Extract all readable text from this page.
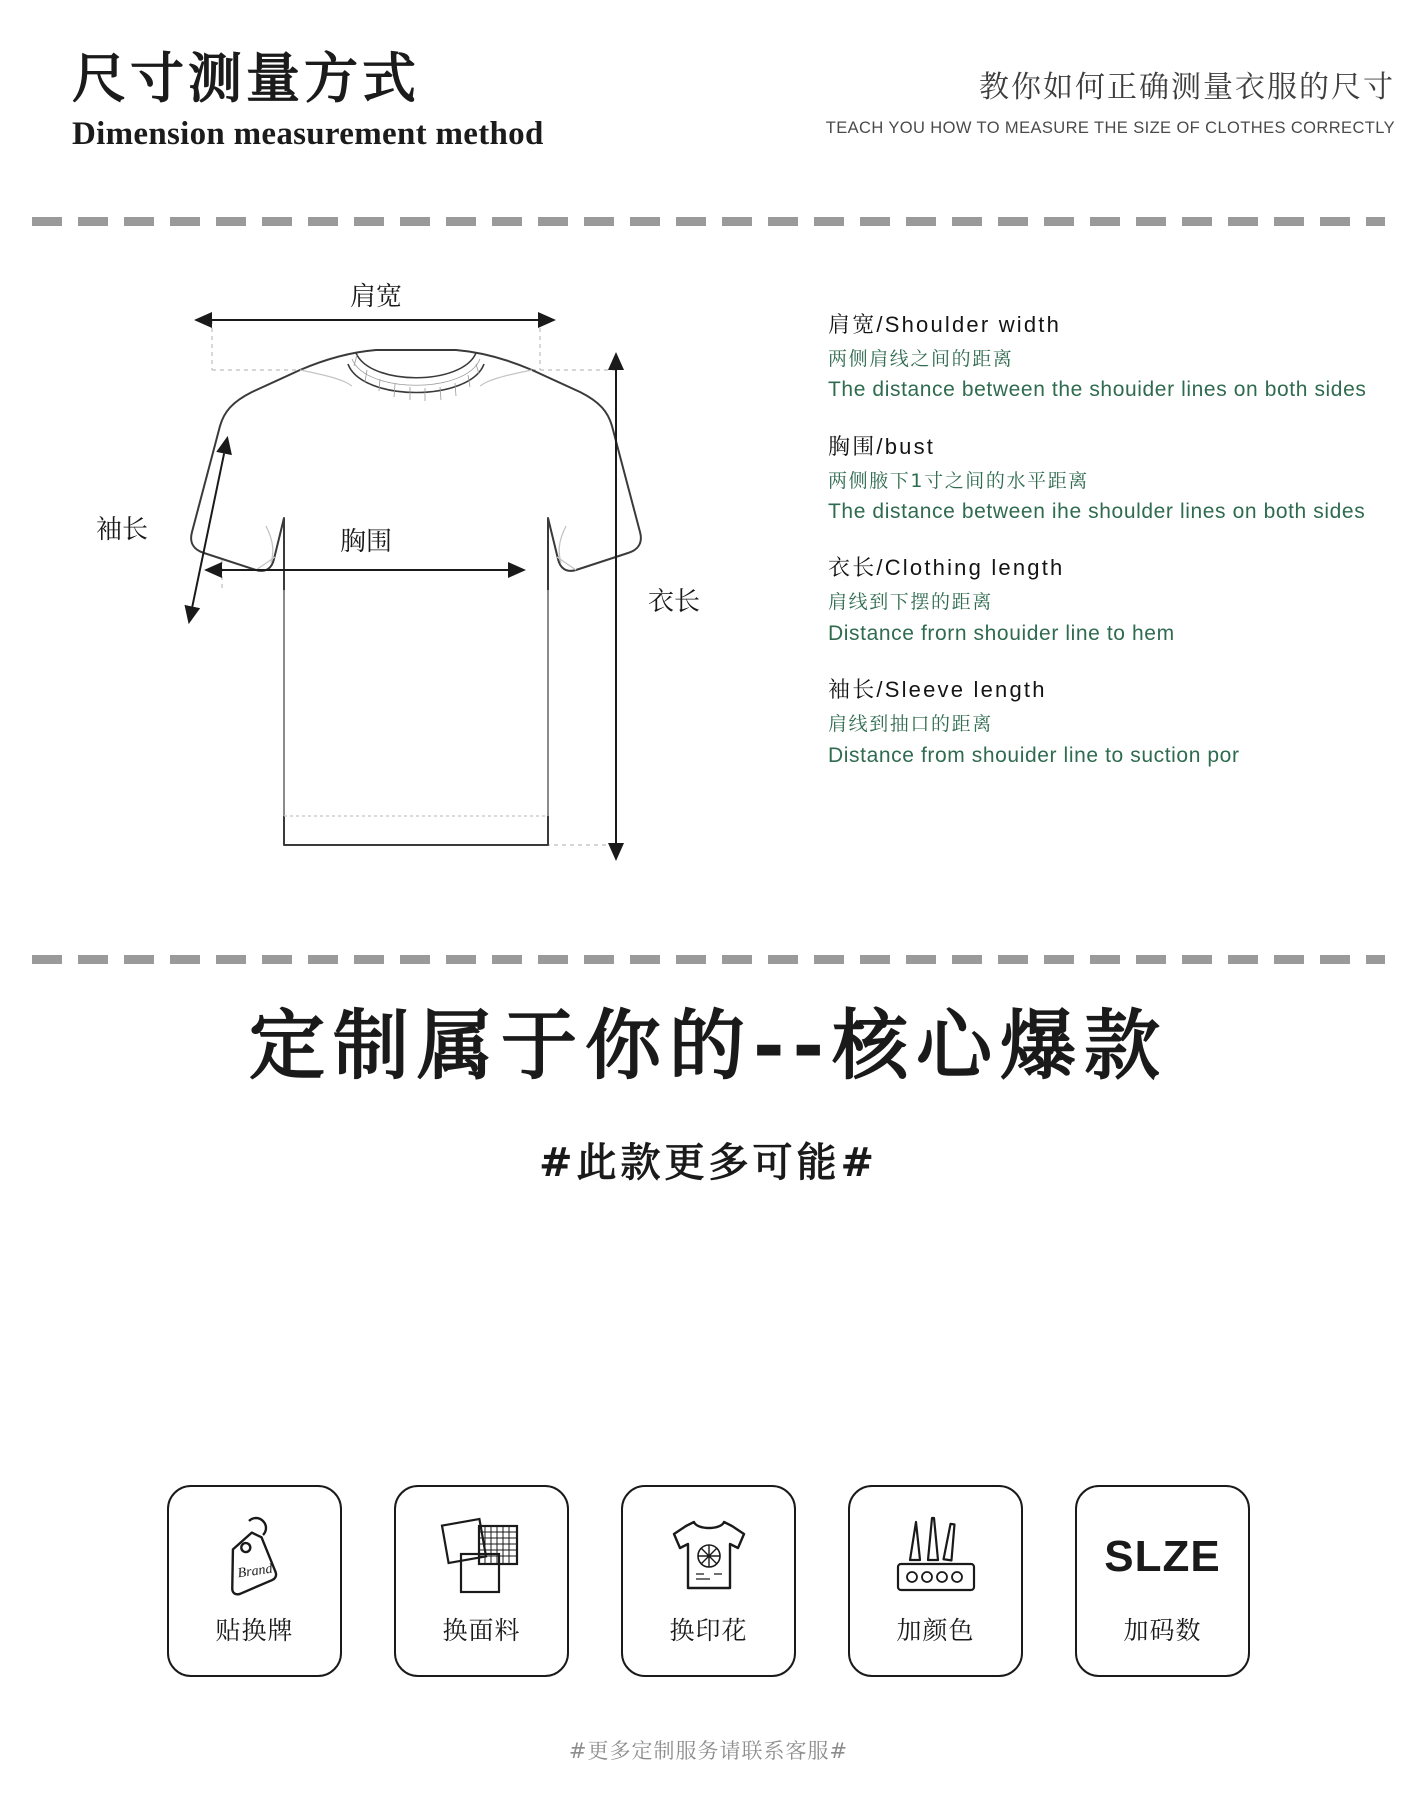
尺寸测量方式
Dimension measurement method
教你如何正确测量衣服的尺寸
TEACH YOU HOW TO MEASURE THE SIZE OF CLOTHES CORRECTLY
肩宽
胸围
衣长
袖长
肩宽/Shoulder width
两侧肩线之间的距离
The distance between the shouider lines on both sides
胸围/bust
两侧腋下1寸之间的水平距离
The distance between ihe shoulder lines on both sides
衣长/Clothing length
肩线到下摆的距离
Distance frorn shouider line to hem
袖长/Sleeve length
肩线到抽口的距离
Distance from shouider line to suction por
定制属于你的--核心爆款
#此款更多可能#
Brand
贴换牌	换面料	换印花	加颜色
SLZE
加码数
#更多定制服务请联系客服#
